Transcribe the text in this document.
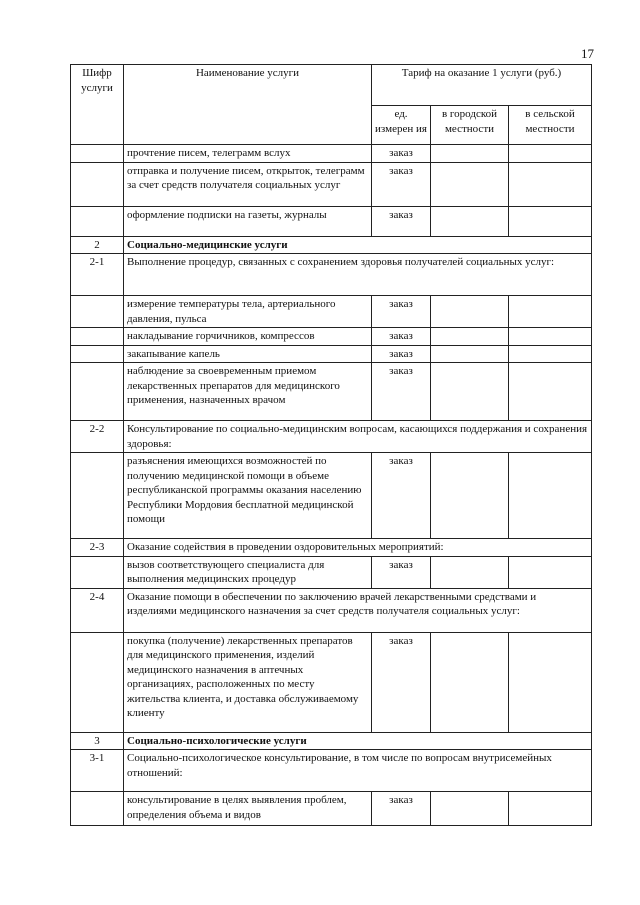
17
Шифр услуги	Наименование услуги	Тариф на оказание 1 услуги (руб.)		
		ед. измерен ия	в городской местности	в сельской местности
	прочтение писем, телеграмм вслух	заказ		
	отправка и получение писем, открыток, телеграмм за счет средств получателя социальных услуг	заказ		
	оформление подписки на газеты, журналы	заказ		
2	Социально-медицинские услуги			
2-1	Выполнение процедур, связанных с сохранением здоровья получателей социальных услуг:			
	измерение температуры тела, артериального давления, пульса	заказ		
	накладывание горчичников, компрессов	заказ		
	закапывание капель	заказ		
	наблюдение за своевременным приемом лекарственных препаратов для медицинского применения, назначенных врачом	заказ		
2-2	Консультирование по социально-медицинским вопросам, касающихся поддержания и сохранения здоровья:			
	разъяснения имеющихся возможностей по получению медицинской помощи в объеме республиканской программы оказания населению Республики Мордовия бесплатной медицинской помощи	заказ		
2-3	Оказание содействия в проведении оздоровительных мероприятий:			
	вызов соответствующего специалиста для выполнения медицинских процедур	заказ		
2-4	Оказание помощи в обеспечении по заключению врачей лекарственными средствами и изделиями медицинского назначения за счет средств получателя социальных услуг:			
	покупка (получение) лекарственных препаратов для медицинского применения, изделий медицинского назначения в аптечных организациях, расположенных по месту жительства клиента, и доставка обслуживаемому клиенту	заказ		
3	Социально-психологические услуги			
3-1	Социально-психологическое консультирование, в том числе по вопросам внутрисемейных отношений:			
	консультирование в целях выявления проблем, определения объема и видов	заказ		
